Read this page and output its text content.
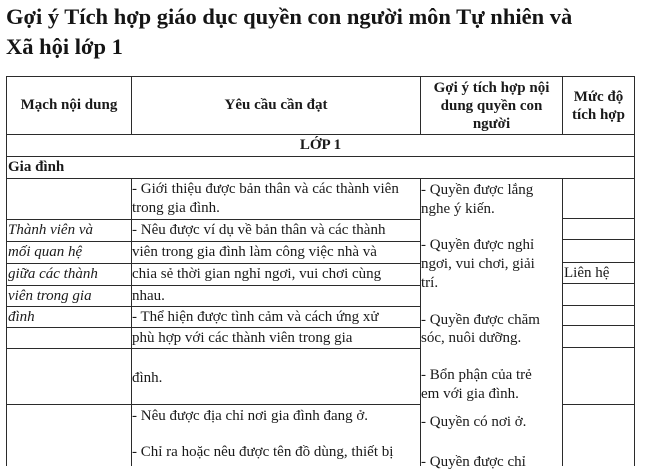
Gợi ý Tích hợp giáo dục quyền con người môn Tự nhiên và
Xã hội lớp 1
Mạch nội dung	Yêu cầu cần đạt
Gợi ý tích hợp nội
dung quyền con
người
Mức độ
tích hợp
LỚP 1
Gia đình
Thành viên và
mối quan hệ
giữa các thành
viên trong gia
đình
- Giới thiệu được bản thân và các thành viên
trong gia đình.
- Nêu được ví dụ về bản thân và các thành
viên trong gia đình làm công việc nhà và
chia sẻ thời gian nghỉ ngơi, vui chơi cùng
nhau.
- Thể hiện được tình cảm và cách ứng xử
phù hợp với các thành viên trong gia
đình.
- Nêu được địa chỉ nơi gia đình đang ở.
- Chỉ ra hoặc nêu được tên đồ dùng, thiết bị
- Quyền được lắng
nghe ý kiến.
- Quyền được nghỉ
ngơi, vui chơi, giải
trí.
- Quyền được chăm
sóc, nuôi dưỡng.
- Bổn phận của trẻ
em với gia đình.
- Quyền có nơi ở.
- Quyền được chỉ
Liên hệ
